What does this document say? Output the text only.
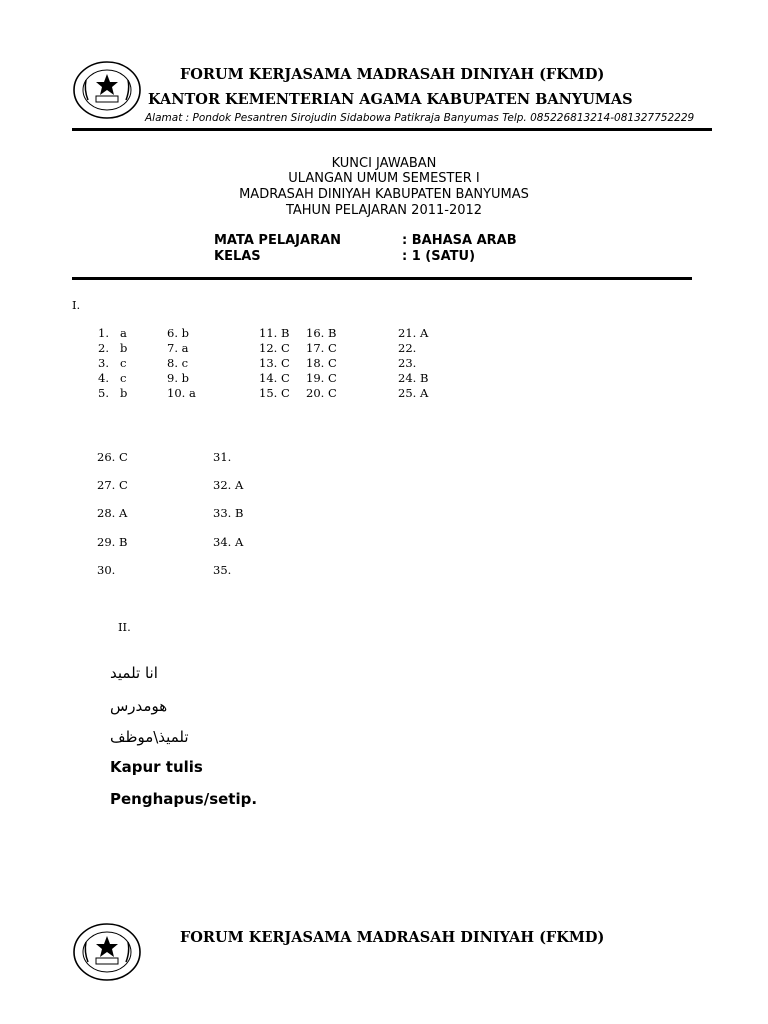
FORUM KERJASAMA MADRASAH DINIYAH (FKMD)
KANTOR KEMENTERIAN AGAMA KABUPATEN BANYUMAS
Alamat : Pondok Pesantren Sirojudin Sidabowa Patikraja Banyumas Telp. 085226813214-081327752229
KUNCI JAWABAN
ULANGAN UMUM SEMESTER I
MADRASAH DINIYAH KABUPATEN BANYUMAS
TAHUN PELAJARAN 2011-2012
MATA PELAJARAN	: BAHASA ARAB
KELAS	: 1 (SATU)
I.
1.   a
2.   b
3.   c
4.   c
5.   b
6. b
7. a
8. c
9. b
10. a
11. B
12. C
13. C
14. C
15. C
16. B
17. C
18. C
19. C
20. C
21. A
22.
23.
24. B
25. A
26. C
27. C
28. A
29. B
30.
31.
32. A
33. B
34. A
35.
II.
انا تلميد
هومدرس
تلميذ\موظف
Kapur tulis
Penghapus/setip.
FORUM KERJASAMA MADRASAH DINIYAH (FKMD)
